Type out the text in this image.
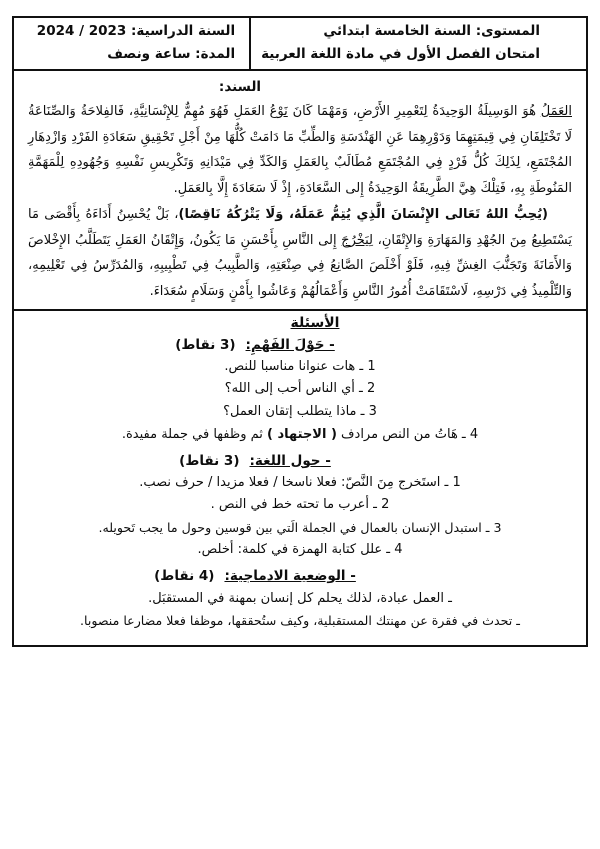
المستوى: السنة الخامسة ابتدائي
امتحان الفصل الأول في مادة اللغة العربية
السنة الدراسية: 2023 / 2024
المدة: ساعة ونصف
السند:

العَمَلُ هُوَ الوَسِيلَةُ الوَحِيدَةُ لِتَعْمِيرِ الأَرْضِ، وَمَهْمَا كَانَ نَوْعُ العَمَلِ فَهُوَ مُهِمٌّ لِلإِنْسَانِيَّةِ، فَالفِلاحَةُ وَالصِّنَاعَةُ لَا تَخْتَلِفَانِ فِي قِيمَتِهِمَا وَدَوْرِهِمَا عَنِ الهَنْدَسَةِ وَالطِّبِّ مَا دَامَتْ كُلُّهَا مِنْ أَجْلِ تَحْقِيقِ سَعَادَةِ الفَرْدِ وَازْدِهَارِ المُجْتَمَعِ، لِذَلِكَ كُلُّ فَرْدٍ فِي المُجْتَمَعِ مُطَالَبٌ بِالعَمَلِ وَالكَدِّ فِي مَيْدَانِهِ وَتَكْرِيسِ نَفْسِهِ وَجُهُودِهِ لِلْمَهَمَّةِ المَنُوطَةِ بِهِ، فَتِلْكَ هِيَّ الطَّرِيقَةُ الوَحِيدَةُ إِلى السَّعَادَةِ، إِذْ لَا سَعَادَةَ إِلَّا بِالعَمَلِ.

(يُحِبُّ اللهُ تَعَالى الإِنْسَانَ الَّذِي يُتِمُّ عَمَلَهُ، وَلَا يَتْرُكُهُ نَاقِصًا)، بَلْ يُحْسِنُ أَدَاءَهُ بِأَقْصَى مَا يَسْتَطِيعُ مِنَ الجُهْدِ وَالمَهَارَةِ وَالإِتْقَانِ، لِيَخْرُجَ إِلى النَّاسِ بِأَحْسَنِ مَا يَكُونُ، وَإِتْقَانُ العَمَلِ يَتَطَلَّبُ الإِخْلاصَ وَالأَمَانَةَ وَتَجَنُّبَ الغِشِّ فِيهِ، فَلَوْ أَخْلَصَ الصَّانِعُ فِي صِنْعَتِهِ، وَالطَّبِيبُ فِي تَطْبِيبِهِ، وَالمُدَرِّسُ فِي تَعْلِيمِهِ، وَالتِّلْمِيذُ فِي دَرْسِهِ، لَاسْتَقَامَتْ أُمُورُ النَّاسِ وَأَعْمَالُهُمْ وَعَاشُوا بِأَمْنٍ وَسَلَامٍ سُعَدَاءَ.

الأسئلة
- حَوْلَ الفَهْمِ:(3 نقاط)
1 ـ هات عنوانا مناسبا للنص.
2 ـ أي الناس أحب إلى الله؟
3 ـ ماذا يتطلب إتقان العمل؟
4 ـ هَاتُ من النص مرادف ( الاجتهاد ) ثم وظفها في جملة مفيدة.
- حول اللغة:(3 نقاط)
1 ـ استَخرج مِنَ النَّصّ: فعلا ناسخا / فعلا مزيدا / حرف نصب.
2 ـ أعرب ما تحته خط في النص .
3 ـ استبدل الإنسان بالعمال في الجملة الَتي بين قوسين وحول ما يجب تَحويله.
4 ـ علل كتابة الهمزة في كلمة: أخلص.
- الوضعية الادماجية:(4 نقاط)
ـ العمل عبادة، لذلك يحلم كل إنسان بمهنة في المستقبَل.
ـ تحدث في فقرة عن مهنتك المستقبلية، وكيف ستُحققها، موظفا فعلا مضارعا منصوبا.
